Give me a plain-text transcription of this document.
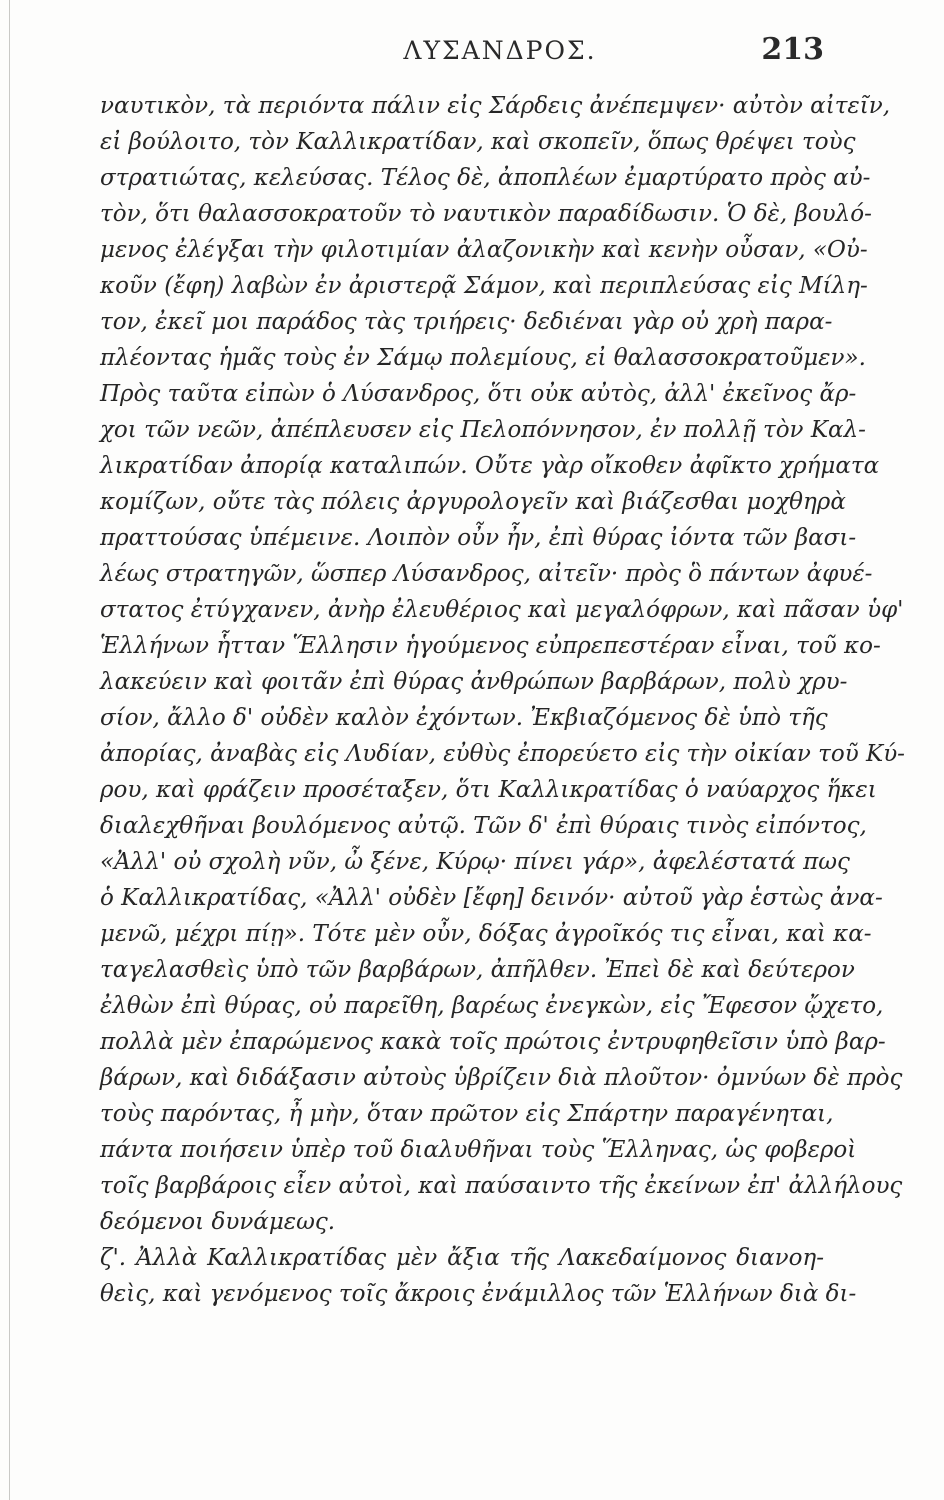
ΛΥΣΑΝΔΡΟΣ.	213
ναυτικὸν, τὰ περιόντα πάλιν εἰς Σάρδεις ἀνέπεμψεν· αὐτὸν αἰτεῖν,
εἰ βούλοιτο, τὸν Καλλικρατίδαν, καὶ σκοπεῖν, ὅπως θρέψει τοὺς
στρατιώτας, κελεύσας. Τέλος δὲ, ἀποπλέων ἐμαρτύρατο πρὸς αὐ-
τὸν, ὅτι θαλασσοκρατοῦν τὸ ναυτικὸν παραδίδωσιν. Ὁ δὲ, βουλό-
μενος ἐλέγξαι τὴν φιλοτιμίαν ἀλαζονικὴν καὶ κενὴν οὖσαν, «Οὐ-
κοῦν (ἔφη) λαβὼν ἐν ἀριστερᾷ Σάμον, καὶ περιπλεύσας εἰς Μίλη-
τον, ἐκεῖ μοι παράδος τὰς τριήρεις· δεδιέναι γὰρ οὐ χρὴ παρα-
πλέοντας ἡμᾶς τοὺς ἐν Σάμῳ πολεμίους, εἰ θαλασσοκρατοῦμεν».
Πρὸς ταῦτα εἰπὼν ὁ Λύσανδρος, ὅτι οὐκ αὐτὸς, ἀλλ' ἐκεῖνος ἄρ-
χοι τῶν νεῶν, ἀπέπλευσεν εἰς Πελοπόννησον, ἐν πολλῇ τὸν Καλ-
λικρατίδαν ἀπορίᾳ καταλιπών. Οὔτε γὰρ οἴκοθεν ἀφῖκτο χρήματα
κομίζων, οὔτε τὰς πόλεις ἀργυρολογεῖν καὶ βιάζεσθαι μοχθηρὰ
πραττούσας ὑπέμεινε. Λοιπὸν οὖν ἦν, ἐπὶ θύρας ἰόντα τῶν βασι-
λέως στρατηγῶν, ὥσπερ Λύσανδρος, αἰτεῖν· πρὸς ὃ πάντων ἀφυέ-
στατος ἐτύγχανεν, ἀνὴρ ἐλευθέριος καὶ μεγαλόφρων, καὶ πᾶσαν ὑφ'
Ἑλλήνων ἧτταν Ἕλλησιν ἡγούμενος εὐπρεπεστέραν εἶναι, τοῦ κο-
λακεύειν καὶ φοιτᾶν ἐπὶ θύρας ἀνθρώπων βαρβάρων, πολὺ χρυ-
σίον, ἄλλο δ' οὐδὲν καλὸν ἐχόντων. Ἐκβιαζόμενος δὲ ὑπὸ τῆς
ἀπορίας, ἀναβὰς εἰς Λυδίαν, εὐθὺς ἐπορεύετο εἰς τὴν οἰκίαν τοῦ Κύ-
ρου, καὶ φράζειν προσέταξεν, ὅτι Καλλικρατίδας ὁ ναύαρχος ἥκει
διαλεχθῆναι βουλόμενος αὐτῷ. Τῶν δ' ἐπὶ θύραις τινὸς εἰπόντος,
«Ἀλλ' οὐ σχολὴ νῦν, ὦ ξένε, Κύρῳ· πίνει γάρ», ἀφελέστατά πως
ὁ Καλλικρατίδας, «Ἀλλ' οὐδὲν [ἔφη] δεινόν· αὐτοῦ γὰρ ἑστὼς ἀνα-
μενῶ, μέχρι πίῃ». Τότε μὲν οὖν, δόξας ἀγροῖκός τις εἶναι, καὶ κα-
ταγελασθεὶς ὑπὸ τῶν βαρβάρων, ἀπῆλθεν. Ἐπεὶ δὲ καὶ δεύτερον
ἐλθὼν ἐπὶ θύρας, οὐ παρεῖθη, βαρέως ἐνεγκὼν, εἰς Ἔφεσον ᾤχετο,
πολλὰ μὲν ἐπαρώμενος κακὰ τοῖς πρώτοις ἐντρυφηθεῖσιν ὑπὸ βαρ-
βάρων, καὶ διδάξασιν αὐτοὺς ὑβρίζειν διὰ πλοῦτον· ὀμνύων δὲ πρὸς
τοὺς παρόντας, ἦ μὴν, ὅταν πρῶτον εἰς Σπάρτην παραγένηται,
πάντα ποιήσειν ὑπὲρ τοῦ διαλυθῆναι τοὺς Ἕλληνας, ὡς φοβεροὶ
τοῖς βαρβάροις εἶεν αὐτοὶ, καὶ παύσαιντο τῆς ἐκείνων ἐπ' ἀλλήλους
δεόμενοι δυνάμεως.
ζ'. Ἀλλὰ Καλλικρατίδας μὲν ἄξια τῆς Λακεδαίμονος διανοη-
θεὶς, καὶ γενόμενος τοῖς ἄκροις ἐνάμιλλος τῶν Ἑλλήνων διὰ δι-
